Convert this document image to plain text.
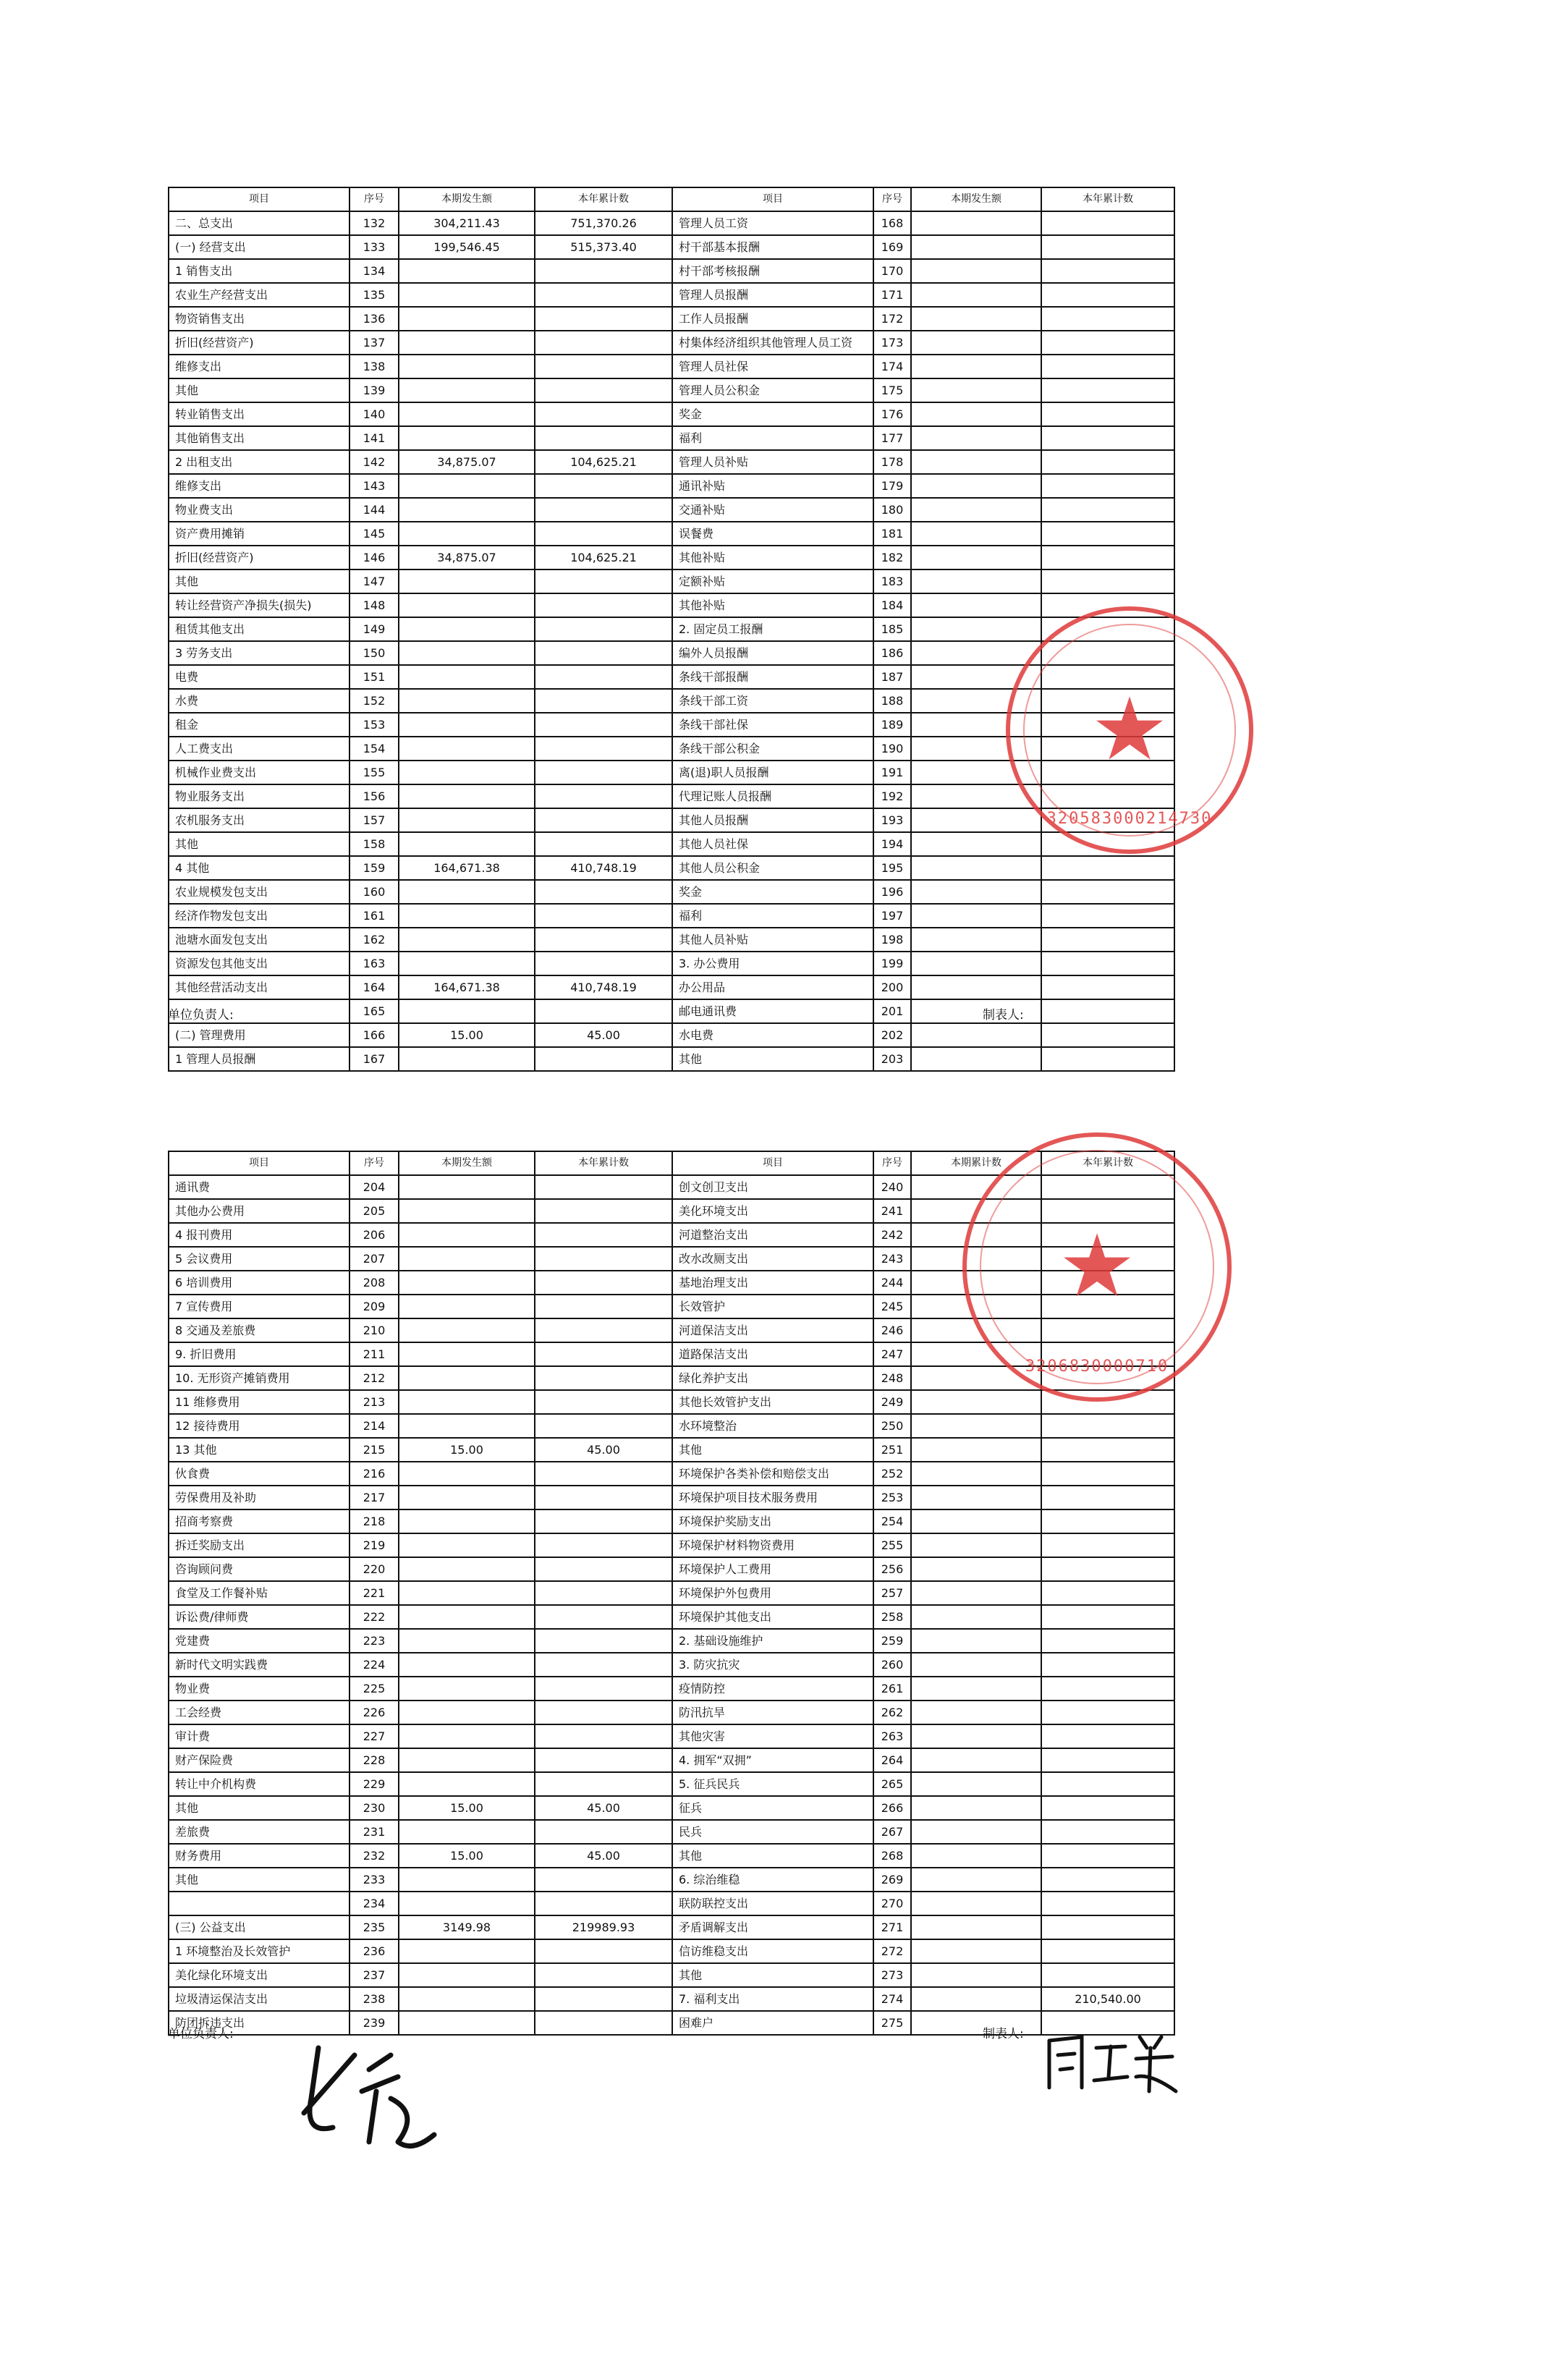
项目	序号	本期发生额	本年累计数	项目	序号	本期发生额	本年累计数
二、总支出	132	304,211.43	751,370.26	管理人员工资	168		
(一) 经营支出	133	199,546.45	515,373.40	村干部基本报酬	169		
1 销售支出	134			村干部考核报酬	170		
农业生产经营支出	135			管理人员报酬	171		
物资销售支出	136			工作人员报酬	172		
折旧(经营资产)	137			村集体经济组织其他管理人员工资	173		
维修支出	138			管理人员社保	174		
其他	139			管理人员公积金	175		
转业销售支出	140			奖金	176		
其他销售支出	141			福利	177		
2 出租支出	142	34,875.07	104,625.21	管理人员补贴	178		
维修支出	143			通讯补贴	179		
物业费支出	144			交通补贴	180		
资产费用摊销	145			误餐费	181		
折旧(经营资产)	146	34,875.07	104,625.21	其他补贴	182		
其他	147			定额补贴	183		
转让经营资产净损失(损失)	148			其他补贴	184		
租赁其他支出	149			2. 固定员工报酬	185		
3 劳务支出	150			编外人员报酬	186		
电费	151			条线干部报酬	187		
水费	152			条线干部工资	188		
租金	153			条线干部社保	189		
人工费支出	154			条线干部公积金	190		
机械作业费支出	155			离(退)职人员报酬	191		
物业服务支出	156			代理记账人员报酬	192		
农机服务支出	157			其他人员报酬	193		
其他	158			其他人员社保	194		
4 其他	159	164,671.38	410,748.19	其他人员公积金	195		
农业规模发包支出	160			奖金	196		
经济作物发包支出	161			福利	197		
池塘水面发包支出	162			其他人员补贴	198		
资源发包其他支出	163			3. 办公费用	199		
其他经营活动支出	164	164,671.38	410,748.19	办公用品	200		
	165			邮电通讯费	201		
(二) 管理费用	166	15.00	45.00	水电费	202		
1 管理人员报酬	167			其他	203		
单位负责人:	制表人:
项目	序号	本期发生额	本年累计数	项目	序号	本期累计数	本年累计数
通讯费	204			创文创卫支出	240		
其他办公费用	205			美化环境支出	241		
4 报刊费用	206			河道整治支出	242		
5 会议费用	207			改水改厕支出	243		
6 培训费用	208			基地治理支出	244		
7 宣传费用	209			长效管护	245		
8 交通及差旅费	210			河道保洁支出	246		
9. 折旧费用	211			道路保洁支出	247		
10. 无形资产摊销费用	212			绿化养护支出	248		
11 维修费用	213			其他长效管护支出	249		
12 接待费用	214			水环境整治	250		
13 其他	215	15.00	45.00	其他	251		
伙食费	216			环境保护各类补偿和赔偿支出	252		
劳保费用及补助	217			环境保护项目技术服务费用	253		
招商考察费	218			环境保护奖励支出	254		
拆迁奖励支出	219			环境保护材料物资费用	255		
咨询顾问费	220			环境保护人工费用	256		
食堂及工作餐补贴	221			环境保护外包费用	257		
诉讼费/律师费	222			环境保护其他支出	258		
党建费	223			2. 基础设施维护	259		
新时代文明实践费	224			3. 防灾抗灾	260		
物业费	225			疫情防控	261		
工会经费	226			防汛抗旱	262		
审计费	227			其他灾害	263		
财产保险费	228			4. 拥军“双拥”	264		
转让中介机构费	229			5. 征兵民兵	265		
其他	230	15.00	45.00	征兵	266		
差旅费	231			民兵	267		
财务费用	232	15.00	45.00	其他	268		
其他	233			6. 综治维稳	269		
	234			联防联控支出	270		
(三) 公益支出	235	3149.98	219989.93	矛盾调解支出	271		
1 环境整治及长效管护	236			信访维稳支出	272		
美化绿化环境支出	237			其他	273		
垃圾清运保洁支出	238			7. 福利支出	274		210,540.00
防团拆违支出	239			困难户	275		
单位负责人:	制表人:
★
320583000214730
★
3206830000710
